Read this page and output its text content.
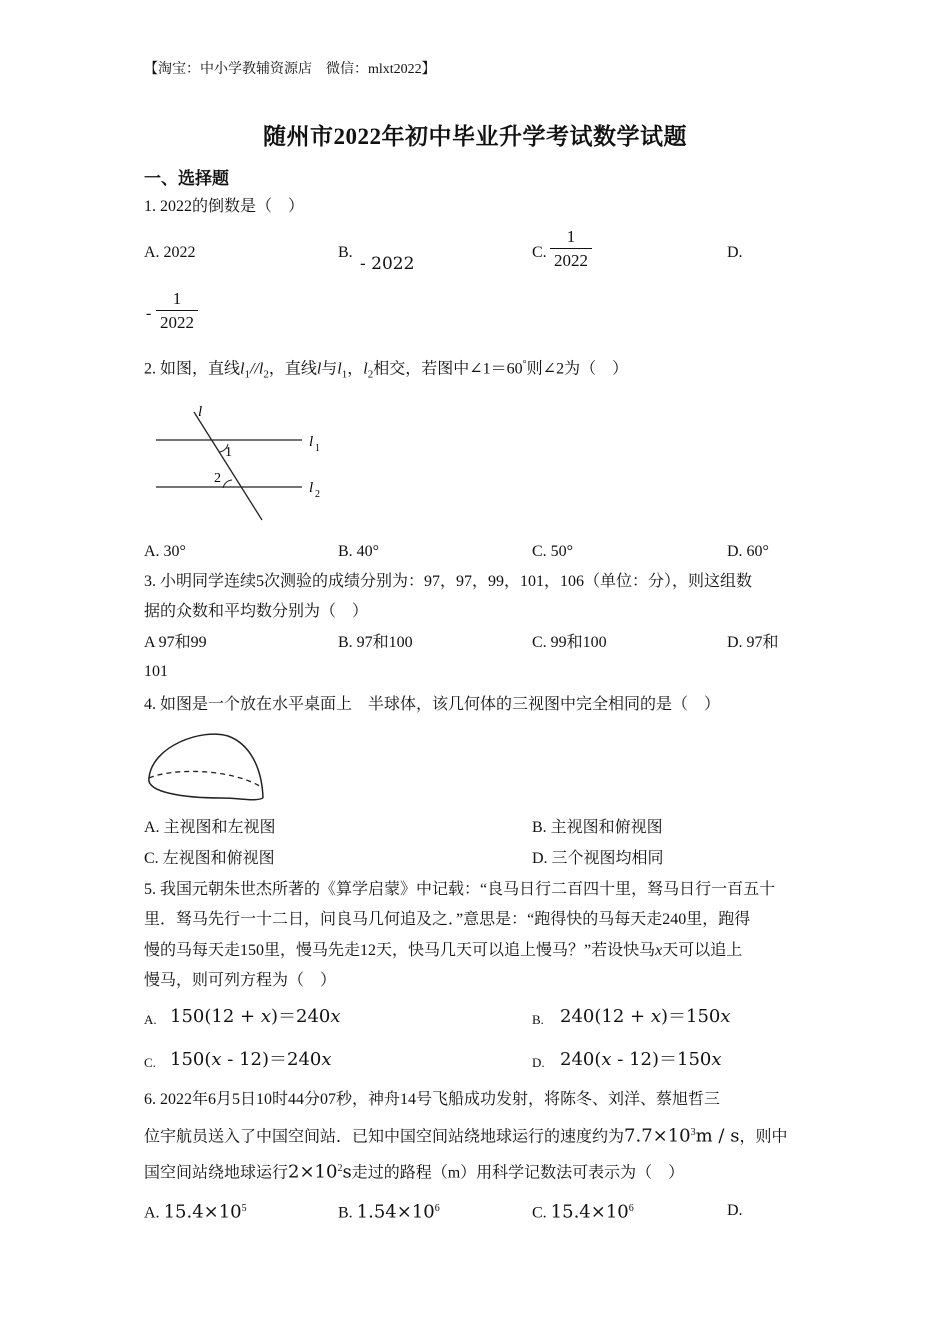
【淘宝：中小学教辅资源店　微信：mlxt2022】
随州市2022年初中毕业升学考试数学试题
一、选择题
1. 2022的倒数是（　）
A. 2022	B.
- 2022
C. $\frac{1}{2022}$	D.
- $\frac{1}{2022}$
2. 如图，直线$l_1//l_2$，直线l与$l_1$，$l_2$相交，若图中∠1＝60°则∠2为（　）
l
l 1
l 2
1
2
A. 30°	B. 40°	C. 50°	D. 60°
3. 小明同学连续5次测验的成绩分别为：97，97，99，101，106（单位：分），则这组数
据的众数和平均数分别为（　）
A 97和99	B. 97和100	C. 99和100	D. 97和
101
4. 如图是一个放在水平桌面上　半球体，该几何体的三视图中完全相同的是（　）
A. 主视图和左视图	B. 主视图和俯视图
C. 左视图和俯视图	D. 三个视图均相同
5. 我国元朝朱世杰所著的《算学启蒙》中记载：“良马日行二百四十里，驽马日行一百五十
里．驽马先行一十二日，问良马几何追及之．”意思是：“跑得快的马每天走240里，跑得
慢的马每天走150里，慢马先走12天，快马几天可以追上慢马？”若设快马x天可以追上
慢马，则可列方程为（　）
A. 150(12 + x)＝240x	B. 240(12 + x)＝150x
C. 150(x - 12)＝240x	D. 240(x - 12)＝150x
6. 2022年6月5日10时44分07秒，神舟14号飞船成功发射，将陈冬、刘洋、蔡旭哲三
位宇航员送入了中国空间站．已知中国空间站绕地球运行的速度约为$7.7\times 10^3m / s$，则中
国空间站绕地球运行$2\times 10^2s$走过的路程（m）用科学记数法可表示为（　）
A. $15.4\times 10^5$	B. $1.54\times 10^6$	C. $15.4\times 10^6$	D.
